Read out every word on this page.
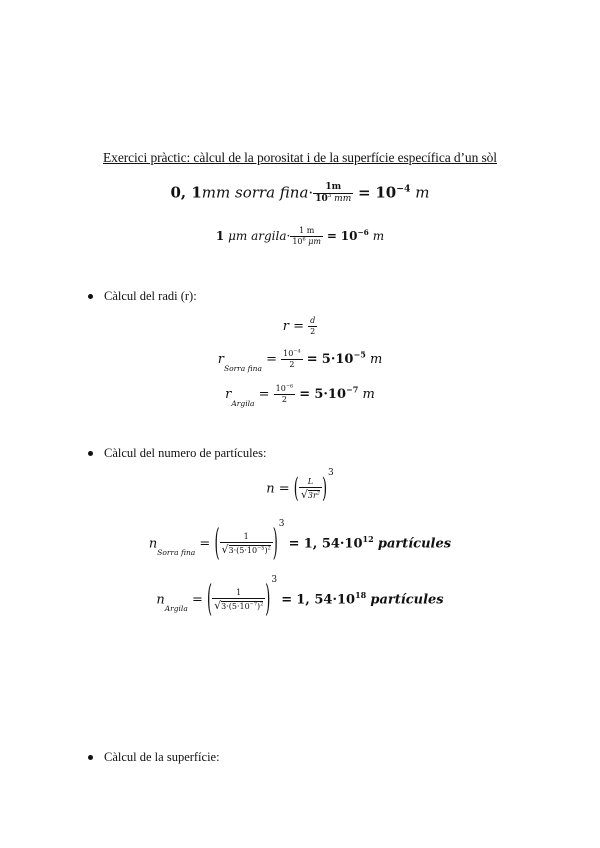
Exercici pràctic: càlcul de la porositat i de la superfície específica d’un sòl
0, 1mm sorra fina· $\frac{1m}{10^3 mm} = 10^{-4}$ m
1 μm argila· $\frac{1 m}{10^6 \mu m} = 10^{-6}$ m
Càlcul del radi (r):
$r = \frac{d}{2}$
$r_{Sorra fina} = \frac{10^{-4}}{2} = 5\cdot 10^{-5}$ m
$r_{Argila} = \frac{10^{-6}}{2} = 5\cdot 10^{-7}$ m
Càlcul del numero de partícules:
n = ( $\frac{L}{√3r^2} )^3$
$n_{Sorra fina}$ = ( $\frac{1}{√3\cdot(5\cdot 10^{-5})^2} )^3 = 1$, $54\cdot 10^{12}$ partícules
$n_{Argila}$ = ( $\frac{1}{√3\cdot(5\cdot 10^{-7})^2} )^3 = 1$, $54\cdot 10^{18}$ partícules
Càlcul de la superfície:
